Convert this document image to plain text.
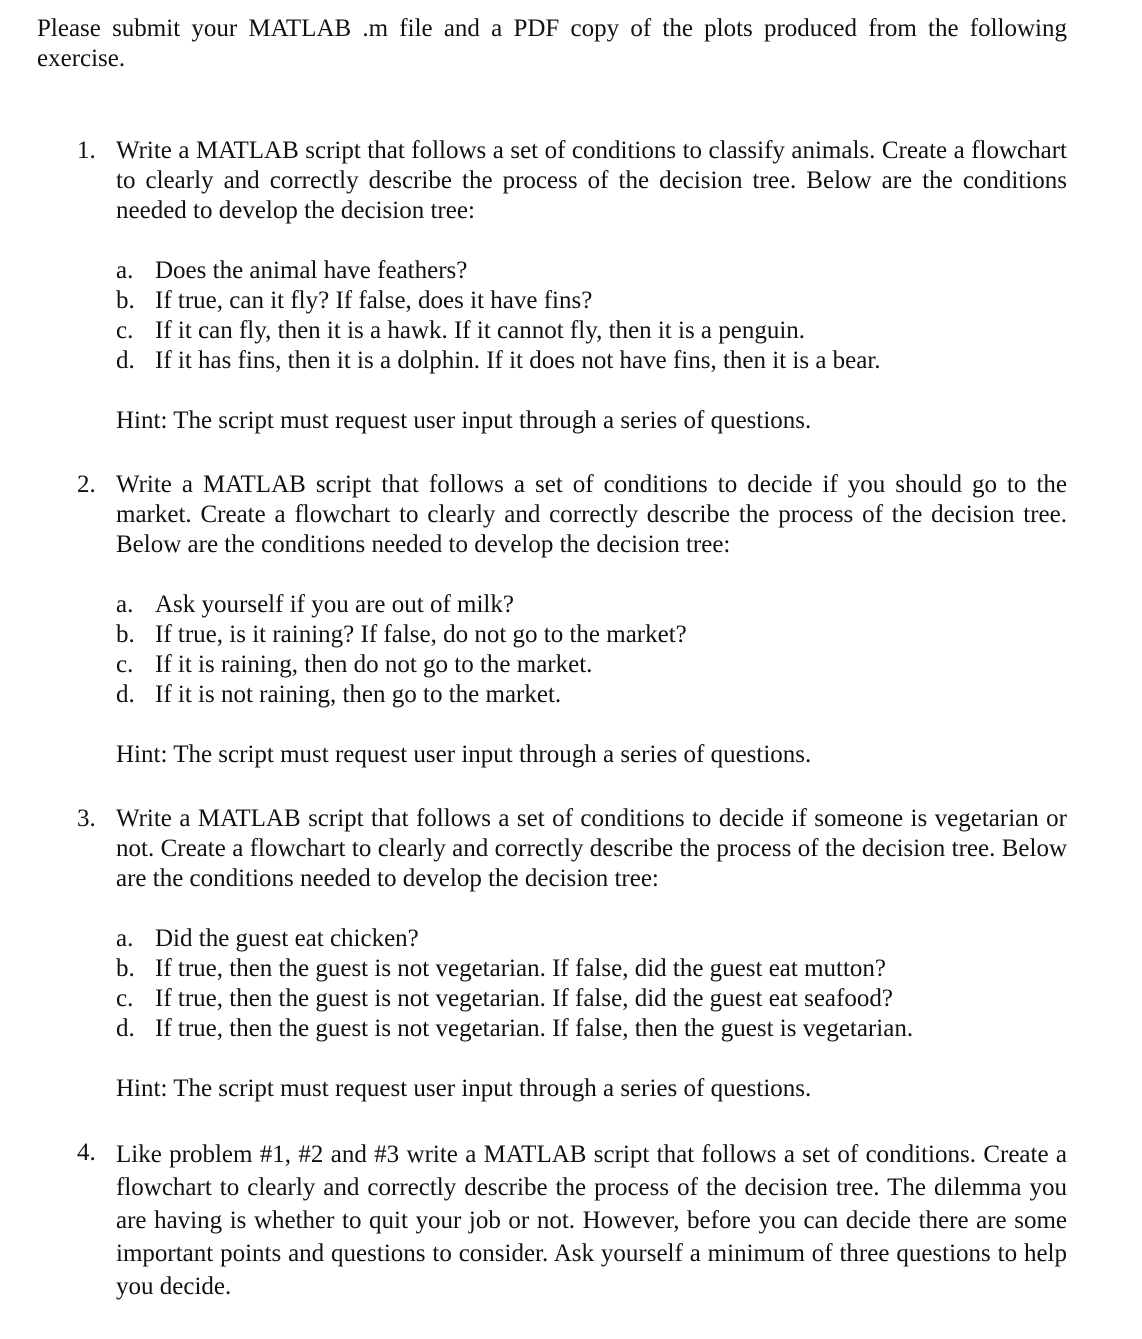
Please submit your MATLAB .m file and a PDF copy of the plots produced from the following exercise.

1. Write a MATLAB script that follows a set of conditions to classify animals. Create a flowchart to clearly and correctly describe the process of the decision tree. Below are the conditions needed to develop the decision tree:

a. Does the animal have feathers?
b. If true, can it fly? If false, does it have fins?
c. If it can fly, then it is a hawk. If it cannot fly, then it is a penguin.
d. If it has fins, then it is a dolphin. If it does not have fins, then it is a bear.

Hint: The script must request user input through a series of questions.

2. Write a MATLAB script that follows a set of conditions to decide if you should go to the market. Create a flowchart to clearly and correctly describe the process of the decision tree. Below are the conditions needed to develop the decision tree:

a. Ask yourself if you are out of milk?
b. If true, is it raining? If false, do not go to the market?
c. If it is raining, then do not go to the market.
d. If it is not raining, then go to the market.

Hint: The script must request user input through a series of questions.

3. Write a MATLAB script that follows a set of conditions to decide if someone is vegetarian or not. Create a flowchart to clearly and correctly describe the process of the decision tree. Below are the conditions needed to develop the decision tree:

a. Did the guest eat chicken?
b. If true, then the guest is not vegetarian. If false, did the guest eat mutton?
c. If true, then the guest is not vegetarian. If false, did the guest eat seafood?
d. If true, then the guest is not vegetarian. If false, then the guest is vegetarian.

Hint: The script must request user input through a series of questions.

4. Like problem #1, #2 and #3 write a MATLAB script that follows a set of conditions. Create a flowchart to clearly and correctly describe the process of the decision tree. The dilemma you are having is whether to quit your job or not. However, before you can decide there are some important points and questions to consider. Ask yourself a minimum of three questions to help you decide.
